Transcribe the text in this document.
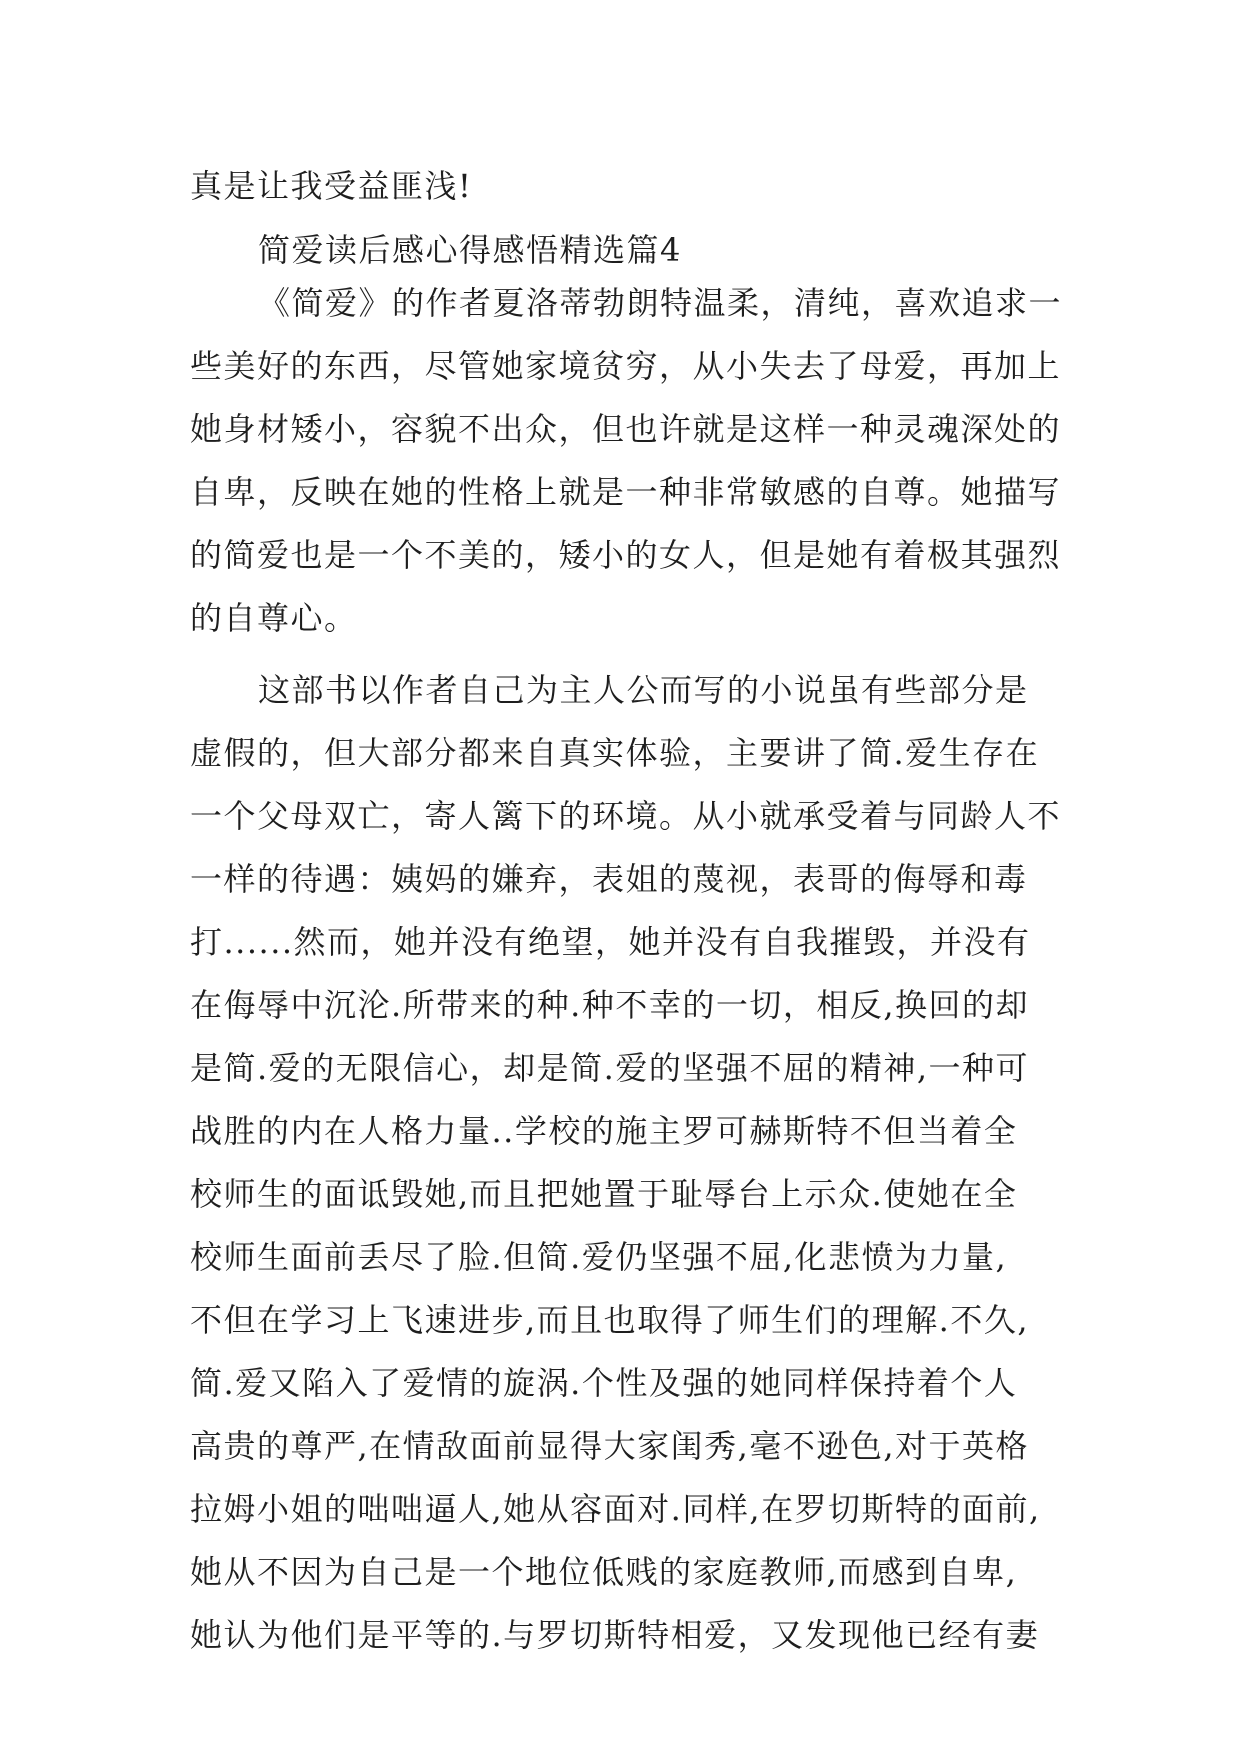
真是让我受益匪浅!
简爱读后感心得感悟精选篇4
《简爱》的作者夏洛蒂勃朗特温柔，清纯，喜欢追求一
些美好的东西，尽管她家境贫穷，从小失去了母爱，再加上
她身材矮小，容貌不出众，但也许就是这样一种灵魂深处的
自卑，反映在她的性格上就是一种非常敏感的自尊。她描写
的简爱也是一个不美的，矮小的女人，但是她有着极其强烈
的自尊心。
这部书以作者自己为主人公而写的小说虽有些部分是
虚假的，但大部分都来自真实体验，主要讲了简.爱生存在
一个父母双亡，寄人篱下的环境。从小就承受着与同龄人不
一样的待遇：姨妈的嫌弃，表姐的蔑视，表哥的侮辱和毒
打......然而，她并没有绝望，她并没有自我摧毁，并没有
在侮辱中沉沦.所带来的种.种不幸的一切，相反,换回的却
是简.爱的无限信心，却是简.爱的坚强不屈的精神,一种可
战胜的内在人格力量..学校的施主罗可赫斯特不但当着全
校师生的面诋毁她,而且把她置于耻辱台上示众.使她在全
校师生面前丢尽了脸.但简.爱仍坚强不屈,化悲愤为力量,
不但在学习上飞速进步,而且也取得了师生们的理解.不久,
简.爱又陷入了爱情的旋涡.个性及强的她同样保持着个人
高贵的尊严,在情敌面前显得大家闺秀,毫不逊色,对于英格
拉姆小姐的咄咄逼人,她从容面对.同样,在罗切斯特的面前,
她从不因为自己是一个地位低贱的家庭教师,而感到自卑,
她认为他们是平等的.与罗切斯特相爱，又发现他已经有妻
